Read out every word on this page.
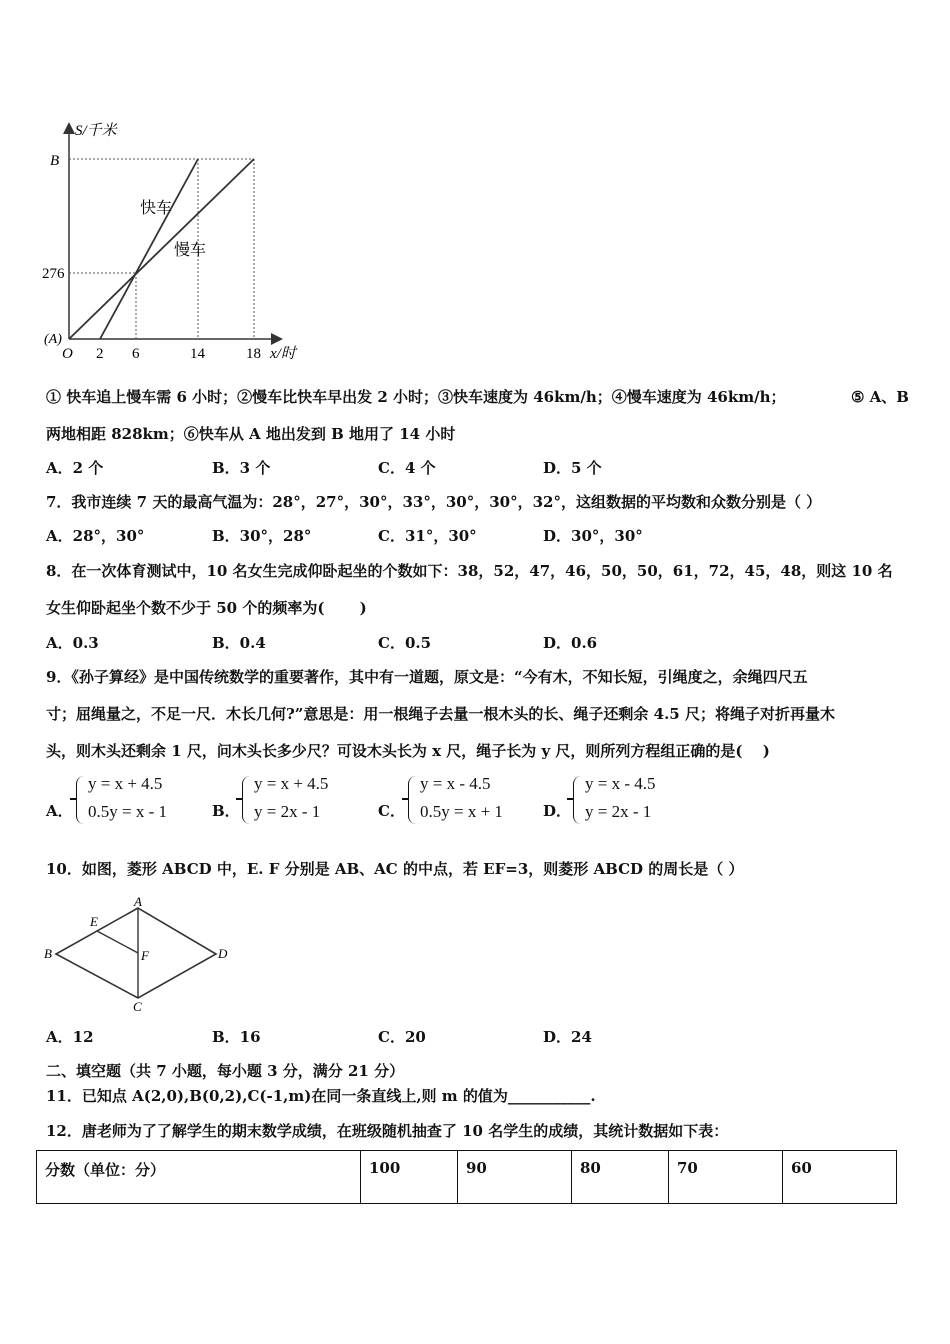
S/千米
B
276
(A)
O 2 6	14	18 x/时
快车
慢车
① 快车追上慢车需 6 小时；②慢车比快车早出发 2 小时；③快车速度为 46km/h；④慢车速度为 46km/h；	⑤ A、B
两地相距 828km；⑥快车从 A 地出发到 B 地用了 14 小时
A．2 个	B．3 个	C．4 个	D．5 个
7．我市连续 7 天的最高气温为：28°，27°，30°，33°，30°，30°，32°，这组数据的平均数和众数分别是（ ）
A．28°，30°	B．30°，28°	C．31°，30°	D．30°，30°
8．在一次体育测试中，10 名女生完成仰卧起坐的个数如下：38，52，47，46，50，50，61，72，45，48，则这 10 名
女生仰卧起坐个数不少于 50 个的频率为(　　 )
A．0.3	B．0.4	C．0.5	D．0.6
9．《孙子算经》是中国传统数学的重要著作，其中有一道题，原文是：“今有木，不知长短，引绳度之，余绳四尺五
寸；屈绳量之，不足一尺．木长几何?”意思是：用一根绳子去量一根木头的长、绳子还剩余 4.5 尺；将绳子对折再量木
头，则木头还剩余 1 尺，问木头长多少尺？可设木头长为 x 尺，绳子长为 y 尺，则所列方程组正确的是(　 )
A．
y = x + 4.5
0.5y = x - 1	B．
y = x + 4.5
y = 2x - 1	C．
y = x - 4.5
0.5y = x + 1	D．
y = x - 4.5
y = 2x - 1
10．如图，菱形 ABCD 中，E. F 分别是 AB、AC 的中点，若 EF=3，则菱形 ABCD 的周长是（ ）
A
B
C
D
E
F
A．12	B．16	C．20	D．24
二、填空题（共 7 小题，每小题 3 分，满分 21 分）
11．已知点 A(2,0),B(0,2),C(-1,m)在同一条直线上,则 m 的值为___________.
12．唐老师为了了解学生的期末数学成绩，在班级随机抽查了 10 名学生的成绩，其统计数据如下表：
分数（单位：分）	100	90	80	70	60
